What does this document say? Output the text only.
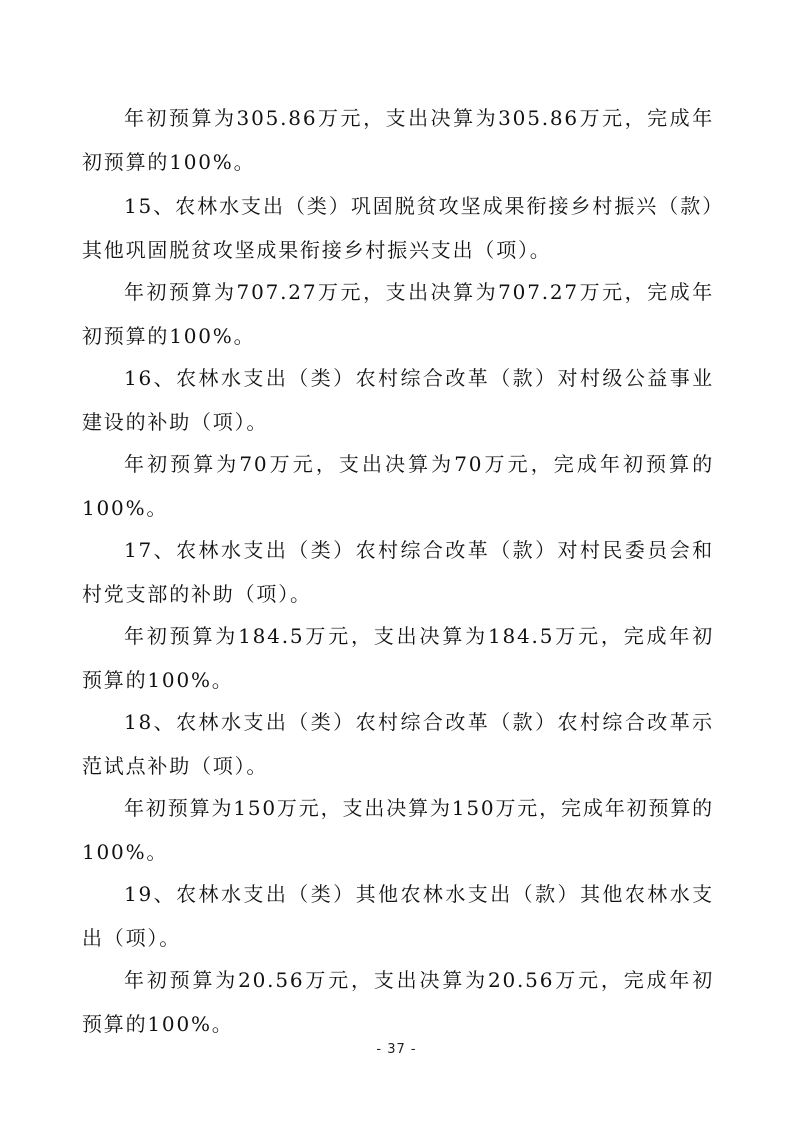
年初预算为305.86万元，支出决算为305.86万元，完成年初预算的100%。

15、农林水支出（类）巩固脱贫攻坚成果衔接乡村振兴（款）其他巩固脱贫攻坚成果衔接乡村振兴支出（项）。

年初预算为707.27万元，支出决算为707.27万元，完成年初预算的100%。

16、农林水支出（类）农村综合改革（款）对村级公益事业建设的补助（项）。

年初预算为70万元，支出决算为70万元，完成年初预算的100%。

17、农林水支出（类）农村综合改革（款）对村民委员会和村党支部的补助（项）。

年初预算为184.5万元，支出决算为184.5万元，完成年初预算的100%。

18、农林水支出（类）农村综合改革（款）农村综合改革示范试点补助（项）。

年初预算为150万元，支出决算为150万元，完成年初预算的100%。

19、农林水支出（类）其他农林水支出（款）其他农林水支出（项）。

年初预算为20.56万元，支出决算为20.56万元，完成年初预算的100%。

- 37 -
